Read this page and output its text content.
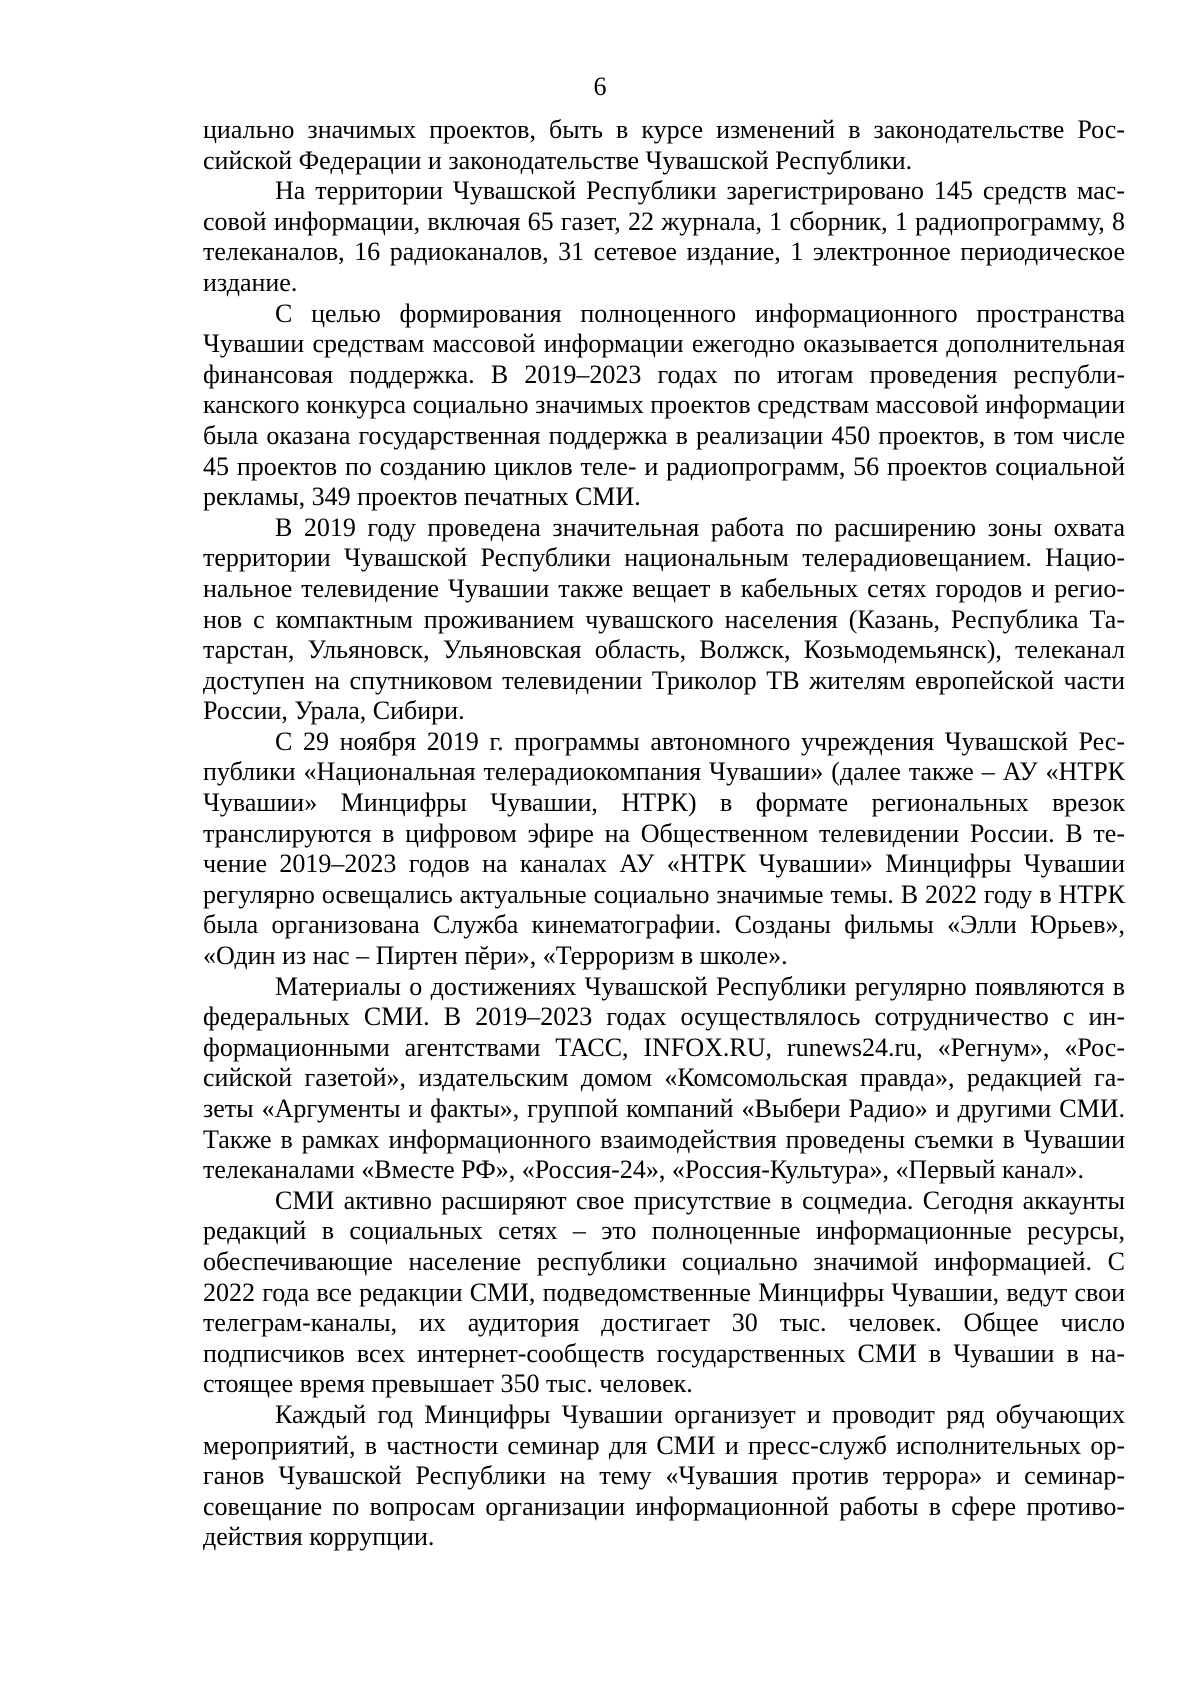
6

циально значимых проектов, быть в курсе изменений в законодательстве Российской Федерации и законодательстве Чувашской Республики.

На территории Чувашской Республики зарегистрировано 145 средств массовой информации, включая 65 газет, 22 журнала, 1 сборник, 1 радиопрограмму, 8 телеканалов, 16 радиоканалов, 31 сетевое издание, 1 электронное периодическое издание.

С целью формирования полноценного информационного пространства Чувашии средствам массовой информации ежегодно оказывается дополнительная финансовая поддержка. В 2019–2023 годах по итогам проведения республиканского конкурса социально значимых проектов средствам массовой информации была оказана государственная поддержка в реализации 450 проектов, в том числе 45 проектов по созданию циклов теле- и радиопрограмм, 56 проектов социальной рекламы, 349 проектов печатных СМИ.

В 2019 году проведена значительная работа по расширению зоны охвата территории Чувашской Республики национальным телерадиовещанием. Национальное телевидение Чувашии также вещает в кабельных сетях городов и регионов с компактным проживанием чувашского населения (Казань, Республика Татарстан, Ульяновск, Ульяновская область, Волжск, Козьмодемьянск), телеканал доступен на спутниковом телевидении Триколор ТВ жителям европейской части России, Урала, Сибири.

С 29 ноября 2019 г. программы автономного учреждения Чувашской Республики «Национальная телерадиокомпания Чувашии» (далее также – АУ «НТРК Чувашии» Минцифры Чувашии, НТРК) в формате региональных врезок транслируются в цифровом эфире на Общественном телевидении России. В течение 2019–2023 годов на каналах АУ «НТРК Чувашии» Минцифры Чувашии регулярно освещались актуальные социально значимые темы. В 2022 году в НТРК была организована Служба кинематографии. Созданы фильмы «Элли Юрьев», «Один из нас – Пиртен пĕри», «Терроризм в школе».

Материалы о достижениях Чувашской Республики регулярно появляются в федеральных СМИ. В 2019–2023 годах осуществлялось сотрудничество с информационными агентствами ТАСС, INFOX.RU, runews24.ru, «Регнум», «Российской газетой», издательским домом «Комсомольская правда», редакцией газеты «Аргументы и факты», группой компаний «Выбери Радио» и другими СМИ. Также в рамках информационного взаимодействия проведены съемки в Чувашии телеканалами «Вместе РФ», «Россия-24», «Россия-Культура», «Первый канал».

СМИ активно расширяют свое присутствие в соцмедиа. Сегодня аккаунты редакций в социальных сетях – это полноценные информационные ресурсы, обеспечивающие население республики социально значимой информацией. С 2022 года все редакции СМИ, подведомственные Минцифры Чувашии, ведут свои телеграм-каналы, их аудитория достигает 30 тыс. человек. Общее число подписчиков всех интернет-сообществ государственных СМИ в Чувашии в настоящее время превышает 350 тыс. человек.

Каждый год Минцифры Чувашии организует и проводит ряд обучающих мероприятий, в частности семинар для СМИ и пресс-служб исполнительных органов Чувашской Республики на тему «Чувашия против террора» и семинар-совещание по вопросам организации информационной работы в сфере противодействия коррупции.
